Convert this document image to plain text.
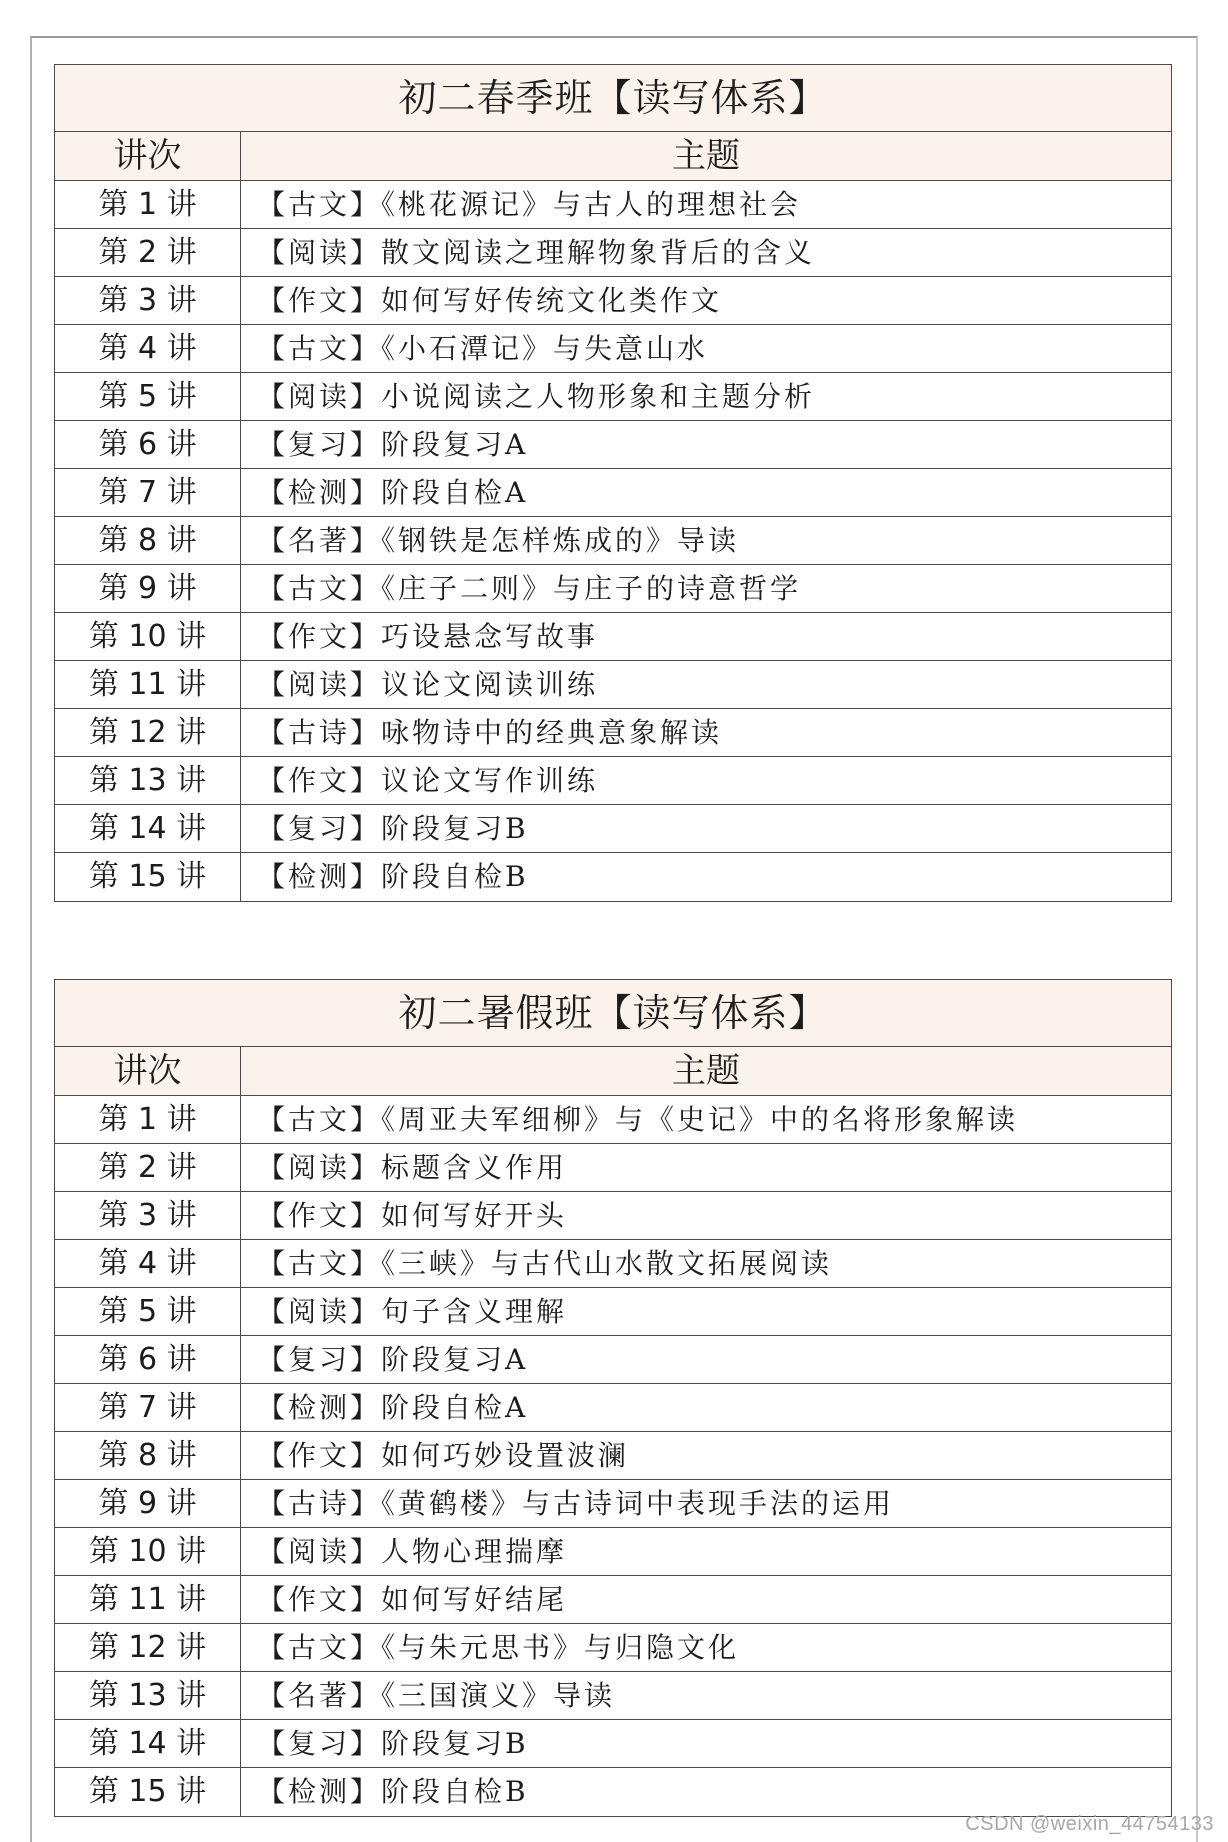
初二春季班【读写体系】
讲次	主题
第 1 讲	【古文】《桃花源记》与古人的理想社会
第 2 讲	【阅读】散文阅读之理解物象背后的含义
第 3 讲	【作文】如何写好传统文化类作文
第 4 讲	【古文】《小石潭记》与失意山水
第 5 讲	【阅读】小说阅读之人物形象和主题分析
第 6 讲	【复习】阶段复习A
第 7 讲	【检测】阶段自检A
第 8 讲	【名著】《钢铁是怎样炼成的》导读
第 9 讲	【古文】《庄子二则》与庄子的诗意哲学
第 10 讲	【作文】巧设悬念写故事
第 11 讲	【阅读】议论文阅读训练
第 12 讲	【古诗】咏物诗中的经典意象解读
第 13 讲	【作文】议论文写作训练
第 14 讲	【复习】阶段复习B
第 15 讲	【检测】阶段自检B
初二暑假班【读写体系】
讲次	主题
第 1 讲	【古文】《周亚夫军细柳》与《史记》中的名将形象解读
第 2 讲	【阅读】标题含义作用
第 3 讲	【作文】如何写好开头
第 4 讲	【古文】《三峡》与古代山水散文拓展阅读
第 5 讲	【阅读】句子含义理解
第 6 讲	【复习】阶段复习A
第 7 讲	【检测】阶段自检A
第 8 讲	【作文】如何巧妙设置波澜
第 9 讲	【古诗】《黄鹤楼》与古诗词中表现手法的运用
第 10 讲	【阅读】人物心理揣摩
第 11 讲	【作文】如何写好结尾
第 12 讲	【古文】《与朱元思书》与归隐文化
第 13 讲	【名著】《三国演义》导读
第 14 讲	【复习】阶段复习B
第 15 讲	【检测】阶段自检B
CSDN @weixin_44754133
